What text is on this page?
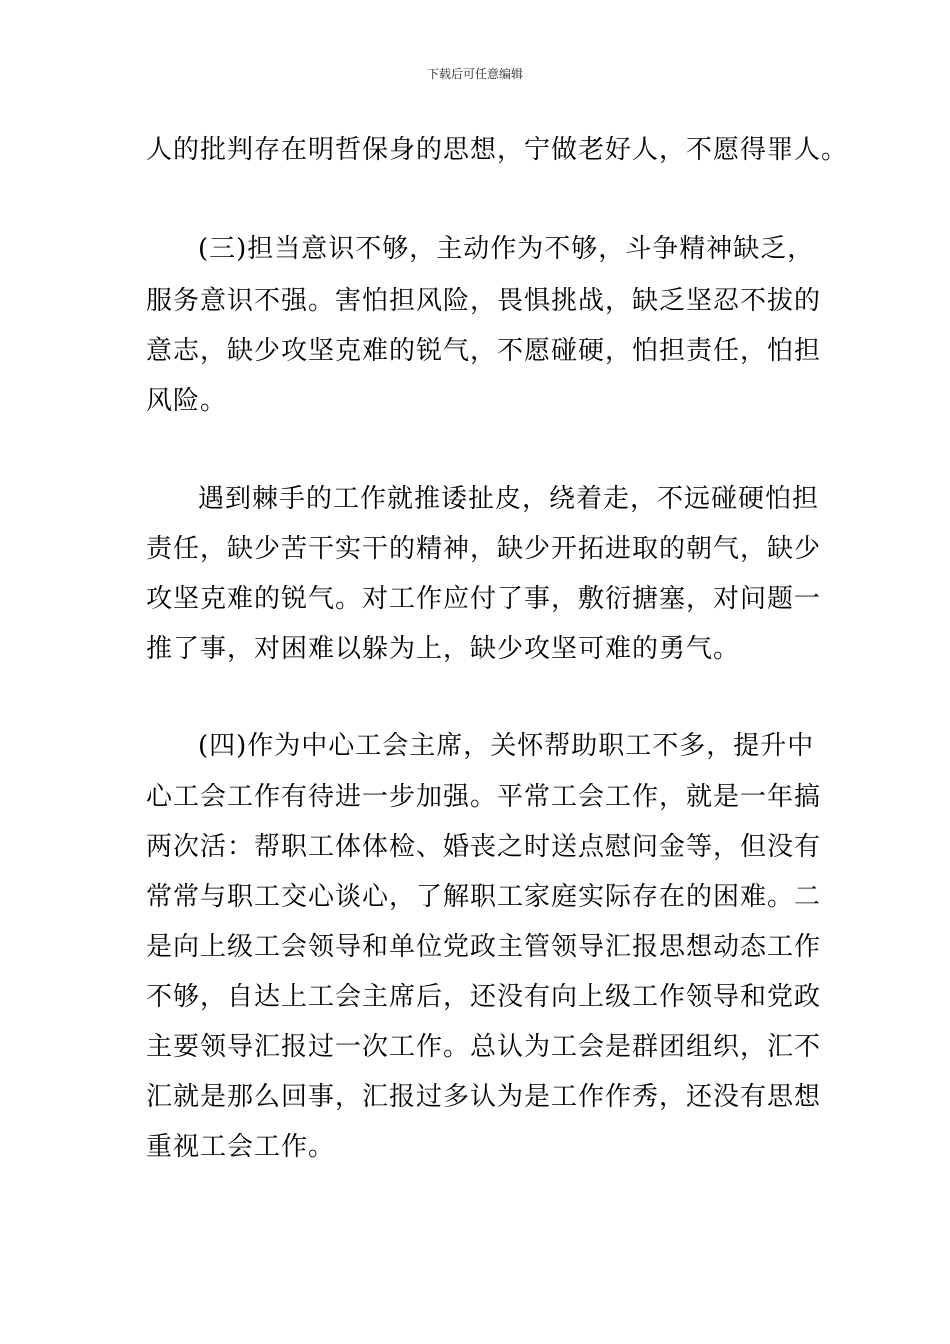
下载后可任意编辑
人的批判存在明哲保身的思想，宁做老好人，不愿得罪人。
(三)担当意识不够，主动作为不够，斗争精神缺乏，
服务意识不强。害怕担风险，畏惧挑战，缺乏坚忍不拔的
意志，缺少攻坚克难的锐气，不愿碰硬，怕担责任，怕担
风险。
遇到棘手的工作就推诿扯皮，绕着走，不远碰硬怕担
责任，缺少苦干实干的精神，缺少开拓进取的朝气，缺少
攻坚克难的锐气。对工作应付了事，敷衍搪塞，对问题一
推了事，对困难以躲为上，缺少攻坚可难的勇气。
(四)作为中心工会主席，关怀帮助职工不多，提升中
心工会工作有待进一步加强。平常工会工作，就是一年搞
两次活：帮职工体体检、婚丧之时送点慰问金等，但没有
常常与职工交心谈心，了解职工家庭实际存在的困难。二
是向上级工会领导和单位党政主管领导汇报思想动态工作
不够，自达上工会主席后，还没有向上级工作领导和党政
主要领导汇报过一次工作。总认为工会是群团组织，汇不
汇就是那么回事，汇报过多认为是工作作秀，还没有思想
重视工会工作。
